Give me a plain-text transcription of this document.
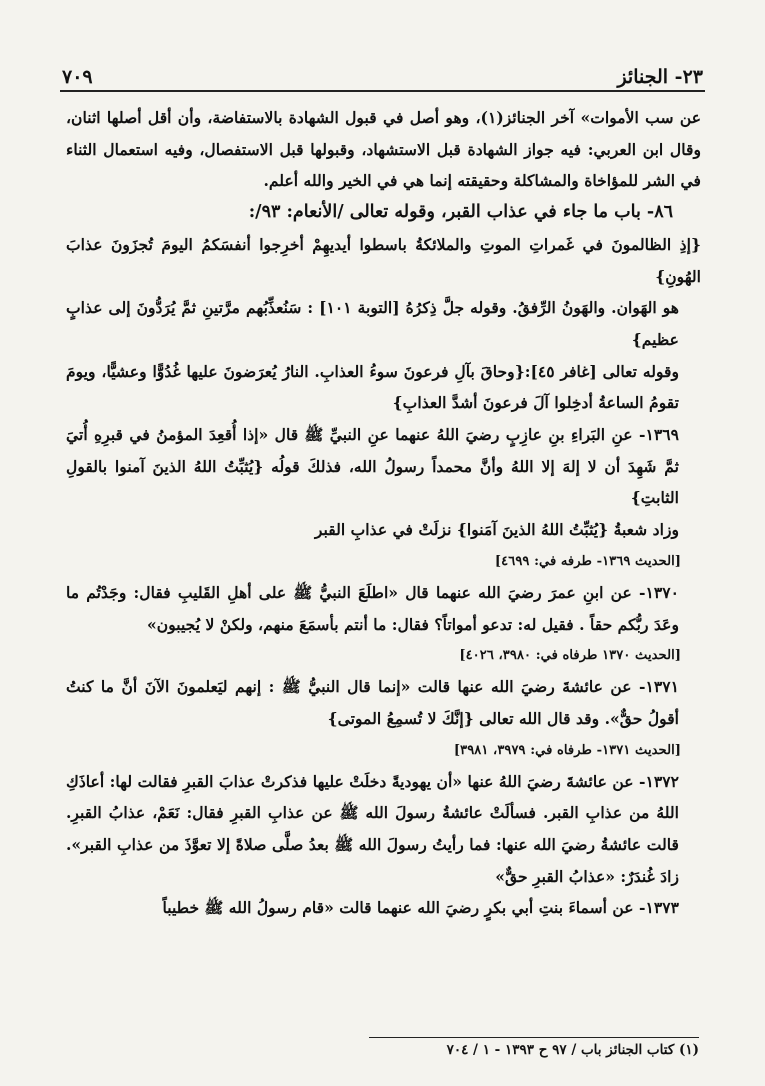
٧٠٩	٢٣- الجنائز

عن سب الأموات» آخر الجنائز(١)، وهو أصل في قبول الشهادة بالاستفاضة، وأن أقل أصلها اثنان، وقال ابن العربي: فيه جواز الشهادة قبل الاستشهاد، وقبولها قبل الاستفصال، وفيه استعمال الثناء في الشر للمؤاخاة والمشاكلة وحقيقته إنما هي في الخير والله أعلم.

٨٦- باب ما جاء في عذاب القبر، وقوله تعالى /الأنعام: ٩٣/:

{إذِ الظالمونَ في غَمراتِ الموتِ والملائكةُ باسطوا أيديهِمْ أخرِجوا أنفسَكمُ اليومَ تُجزَونَ عذابَ الهُونِ}

هو الهَوان. والهَونُ الرِّفقُ. وقوله جلَّ ذِكرُهُ [التوبة ١٠١] : سَنُعذِّبُهم مرَّتينِ ثمَّ يُرَدُّونَ إلى عذابٍ عظيم}

وقوله تعالى [غافر ٤٥]:{وحاقَ بآلِ فرعونَ سوءُ العذابِ. النارُ يُعرَضونَ عليها غُدُوًّا وعشيًّا، ويومَ تقومُ الساعةُ أدخِلوا آلَ فرعونَ أشدَّ العذابِ}

١٣٦٩- عنِ البَراءِ بنِ عازِبٍ رضيَ اللهُ عنهما عنِ النبيِّ ﷺ قال «إذا أُقعِدَ المؤمنُ في قبرِهِ أُتيَ ثمَّ شَهِدَ أن لا إلهَ إلا اللهُ وأنَّ محمداً رسولُ الله، فذلكَ قولُه {يُثبِّتُ اللهُ الذينَ آمنوا بالقولِ الثابتِ}

وزاد شعبةُ {يُثبِّتُ اللهُ الذينَ آمَنوا} نزلَتْ في عذابِ القبر

[الحديث ١٣٦٩- طرفه في: ٤٦٩٩]

١٣٧٠- عن ابنِ عمرَ رضيَ الله عنهما قال «اطلَعَ النبيُّ ﷺ على أهلِ القَليبِ فقال: وجَدْتُم ما وعَدَ ربُّكم حقاً . فقيل له: تدعو أمواتاً؟ فقال: ما أنتم بأسمَعَ منهم، ولكنْ لا يُجيبون»

[الحديث ١٣٧٠ طرفاه في: ٣٩٨٠، ٤٠٢٦]

١٣٧١- عن عائشةَ رضيَ الله عنها قالت «إنما قال النبيُّ ﷺ : إنهم ليَعلمونَ الآنَ أنَّ ما كنتُ أقولُ حقٌّ». وقد قال الله تعالى {إنَّكَ لا تُسمِعُ الموتى}

[الحديث ١٣٧١- طرفاه في: ٣٩٧٩، ٣٩٨١]

١٣٧٢- عن عائشةَ رضيَ اللهُ عنها «أن يهوديةً دخلَتْ عليها فذكرتْ عذابَ القبرِ فقالت لها: أعاذَكِ اللهُ من عذابِ القبر. فسألَتْ عائشةُ رسولَ الله ﷺ عن عذابِ القبرِ فقال: نَعَمْ، عذابُ القبرِ. قالت عائشةُ رضيَ الله عنها: فما رأيتُ رسولَ الله ﷺ بعدُ صلَّى صلاةً إلا تعوَّذَ من عذابِ القبر». زادَ غُندَرٌ: «عذابُ القبرِ حقٌّ»

١٣٧٣- عن أسماءَ بنتِ أبي بكرٍ رضيَ الله عنهما قالت «قام رسولُ الله ﷺ خطيباً

(١) كتاب الجنائز باب / ٩٧ ح ١٣٩٣ - ١ / ٧٠٤
